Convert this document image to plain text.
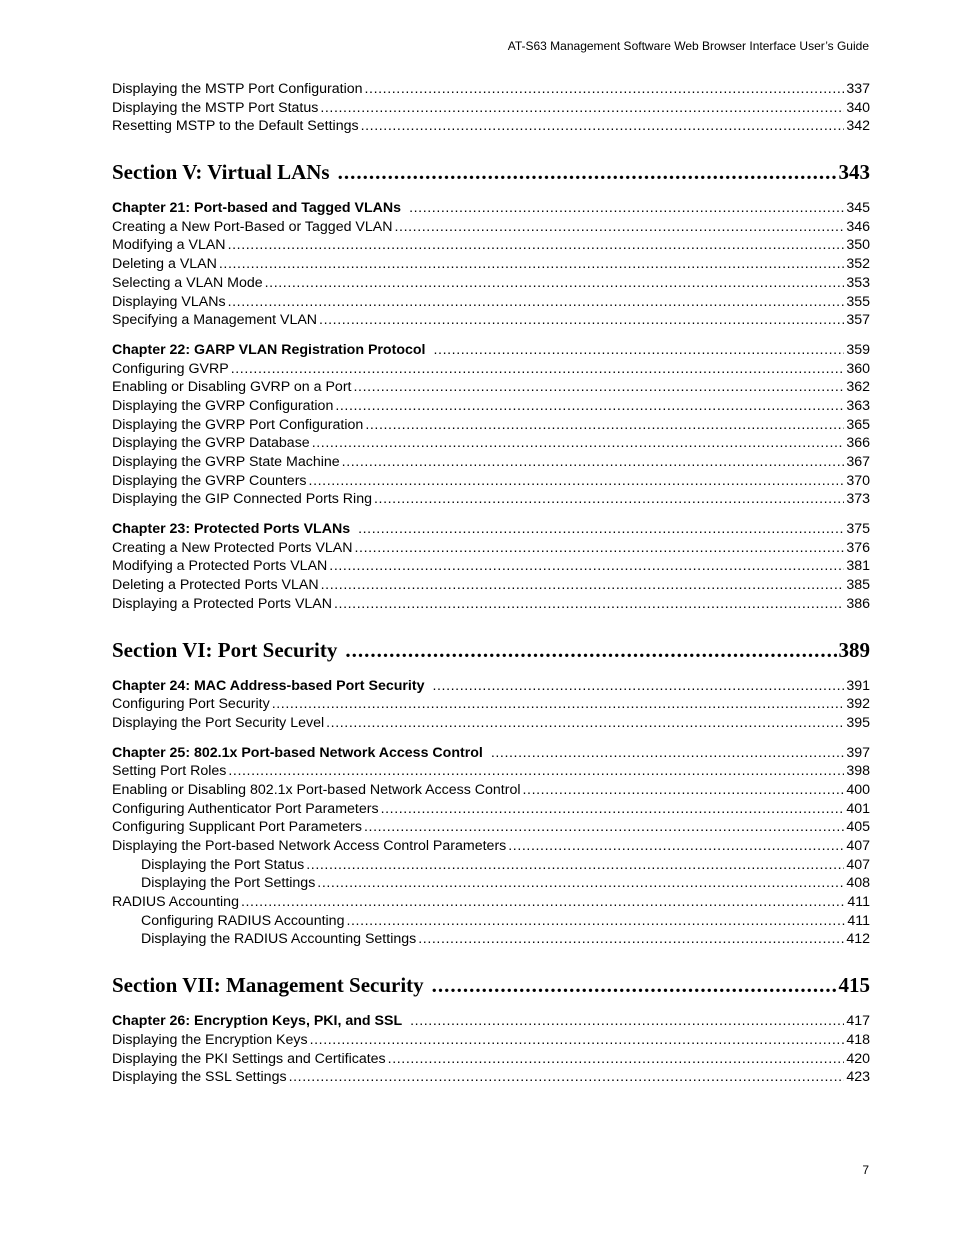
AT-S63 Management Software Web Browser Interface User’s Guide
Displaying the MSTP Port Configuration .....	337
Displaying the MSTP Port Status .....	340
Resetting MSTP to the Default Settings .....	342
Section V: Virtual LANs .....	343
Chapter 21: Port-based and Tagged VLANs .....	345
Creating a New Port-Based or Tagged VLAN .....	346
Modifying a VLAN .....	350
Deleting a VLAN .....	352
Selecting a VLAN Mode .....	353
Displaying VLANs .....	355
Specifying a Management VLAN .....	357
Chapter 22: GARP VLAN Registration Protocol .....	359
Configuring GVRP .....	360
Enabling or Disabling GVRP on a Port .....	362
Displaying the GVRP Configuration .....	363
Displaying the GVRP Port Configuration .....	365
Displaying the GVRP Database .....	366
Displaying the GVRP State Machine .....	367
Displaying the GVRP Counters .....	370
Displaying the GIP Connected Ports Ring .....	373
Chapter 23: Protected Ports VLANs .....	375
Creating a New Protected Ports VLAN .....	376
Modifying a Protected Ports VLAN .....	381
Deleting a Protected Ports VLAN .....	385
Displaying a Protected Ports VLAN .....	386
Section VI: Port Security .....	389
Chapter 24: MAC Address-based Port Security .....	391
Configuring Port Security .....	392
Displaying the Port Security Level .....	395
Chapter 25: 802.1x Port-based Network Access Control .....	397
Setting Port Roles .....	398
Enabling or Disabling 802.1x Port-based Network Access Control .....	400
Configuring Authenticator Port Parameters .....	401
Configuring Supplicant Port Parameters .....	405
Displaying the Port-based Network Access Control Parameters .....	407
Displaying the Port Status .....	407
Displaying the Port Settings .....	408
RADIUS Accounting .....	411
Configuring RADIUS Accounting .....	411
Displaying the RADIUS Accounting Settings .....	412
Section VII: Management Security .....	415
Chapter 26: Encryption Keys, PKI, and SSL .....	417
Displaying the Encryption Keys .....	418
Displaying the PKI Settings and Certificates .....	420
Displaying the SSL Settings .....	423
7
